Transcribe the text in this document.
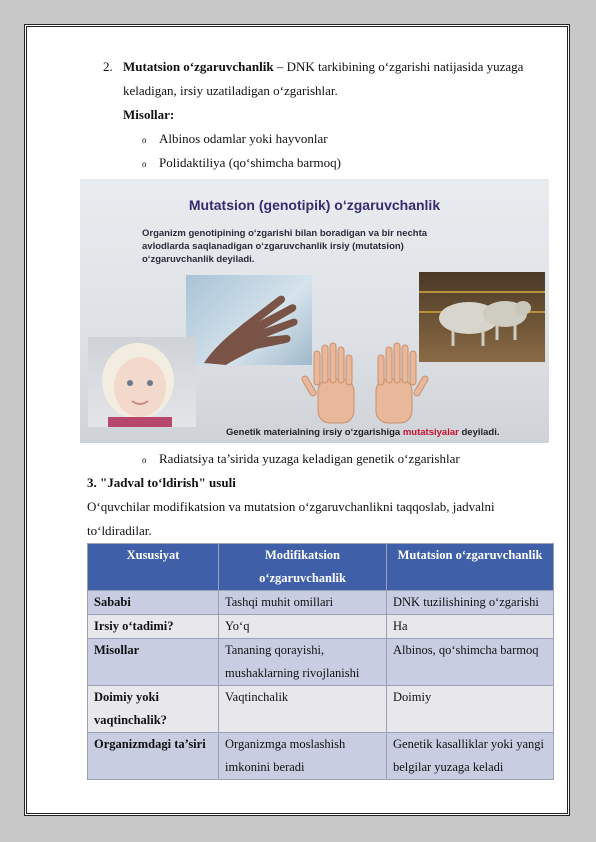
2. Mutatsion o‘zgaruvchanlik – DNK tarkibining o‘zgarishi natijasida yuzaga
keladigan, irsiy uzatiladigan o‘zgarishlar.
Misollar:
o Albinos odamlar yoki hayvonlar
o Polidaktiliya (qo‘shimcha barmoq)
Mutatsion (genotipik) o‘zgaruvchanlik
Organizm genotipining o‘zgarishi bilan boradigan va bir nechta avlodlarda saqlanadigan o‘zgaruvchanlik irsiy (mutatsion) o‘zgaruvchanlik deyiladi.
Genetik materialning irsiy o‘zgarishiga mutatsiyalar deyiladi.
o Radiatsiya ta’sirida yuzaga keladigan genetik o‘zgarishlar
3. "Jadval to‘ldirish" usuli
O‘quvchilar modifikatsion va mutatsion o‘zgaruvchanlikni taqqoslab, jadvalni
to‘ldiradilar.
Xususiyat	Modifikatsion o‘zgaruvchanlik	Mutatsion o‘zgaruvchanlik
Sababi	Tashqi muhit omillari	DNK tuzilishining o‘zgarishi
Irsiy o‘tadimi?	Yo‘q	Ha
Misollar	Tananing qorayishi, mushaklarning rivojlanishi	Albinos, qo‘shimcha barmoq
Doimiy yoki vaqtinchalik?	Vaqtinchalik	Doimiy
Organizmdagi ta’siri	Organizmga moslashish imkonini beradi	Genetik kasalliklar yoki yangi belgilar yuzaga keladi
